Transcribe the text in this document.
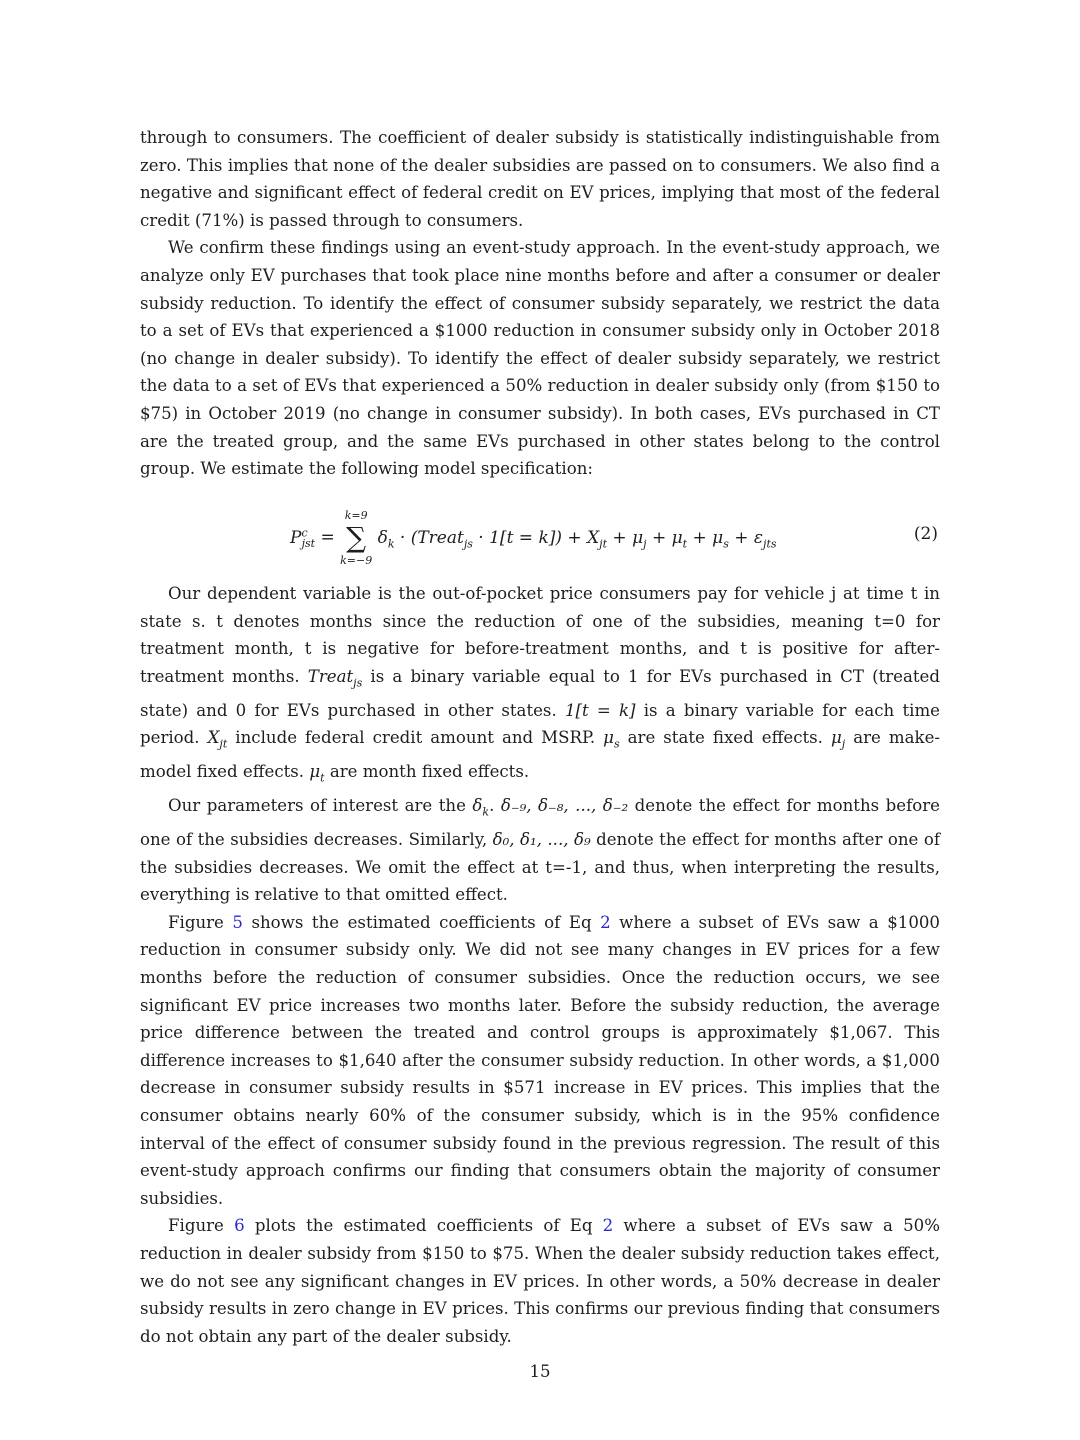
through to consumers. The coefficient of dealer subsidy is statistically indistinguishable from zero. This implies that none of the dealer subsidies are passed on to consumers. We also find a negative and significant effect of federal credit on EV prices, implying that most of the federal credit (71%) is passed through to consumers.

We confirm these findings using an event-study approach. In the event-study approach, we analyze only EV purchases that took place nine months before and after a consumer or dealer subsidy reduction. To identify the effect of consumer subsidy separately, we restrict the data to a set of EVs that experienced a $1000 reduction in consumer subsidy only in October 2018 (no change in dealer subsidy). To identify the effect of dealer subsidy separately, we restrict the data to a set of EVs that experienced a 50% reduction in dealer subsidy only (from $150 to $75) in October 2019 (no change in consumer subsidy). In both cases, EVs purchased in CT are the treated group, and the same EVs purchased in other states belong to the control group. We estimate the following model specification:

$P^c_{jst}$ =
k=9
∑
k=−9
$\delta_k$ · (Treat$_{js}$ · $1[t = k]) + X_{jt} + \mu_j + \mu_t + \mu_s + \varepsilon_{jts}$	(2)

Our dependent variable is the out-of-pocket price consumers pay for vehicle j at time t in state s. t denotes months since the reduction of one of the subsidies, meaning t=0 for treatment month, t is negative for before-treatment months, and t is positive for after-treatment months. Treat$_{js}$ is a binary variable equal to 1 for EVs purchased in CT (treated state) and 0 for EVs purchased in other states. 1[t = k] is a binary variable for each time period. $X_{jt}$ include federal credit amount and MSRP. $\mu_s$ are state fixed effects. $\mu_j$ are make-model fixed effects. $\mu_t$ are month fixed effects.

Our parameters of interest are the $\delta_k$. δ₋₉, δ₋₈, ..., δ₋₂ denote the effect for months before one of the subsidies decreases. Similarly, δ₀, δ₁, ..., δ₉ denote the effect for months after one of the subsidies decreases. We omit the effect at t=-1, and thus, when interpreting the results, everything is relative to that omitted effect.

Figure 5 shows the estimated coefficients of Eq 2 where a subset of EVs saw a $1000 reduction in consumer subsidy only. We did not see many changes in EV prices for a few months before the reduction of consumer subsidies. Once the reduction occurs, we see significant EV price increases two months later. Before the subsidy reduction, the average price difference between the treated and control groups is approximately $1,067. This difference increases to $1,640 after the consumer subsidy reduction. In other words, a $1,000 decrease in consumer subsidy results in $571 increase in EV prices. This implies that the consumer obtains nearly 60% of the consumer subsidy, which is in the 95% confidence interval of the effect of consumer subsidy found in the previous regression. The result of this event-study approach confirms our finding that consumers obtain the majority of consumer subsidies.

Figure 6 plots the estimated coefficients of Eq 2 where a subset of EVs saw a 50% reduction in dealer subsidy from $150 to $75. When the dealer subsidy reduction takes effect, we do not see any significant changes in EV prices. In other words, a 50% decrease in dealer subsidy results in zero change in EV prices. This confirms our previous finding that consumers do not obtain any part of the dealer subsidy.

15
